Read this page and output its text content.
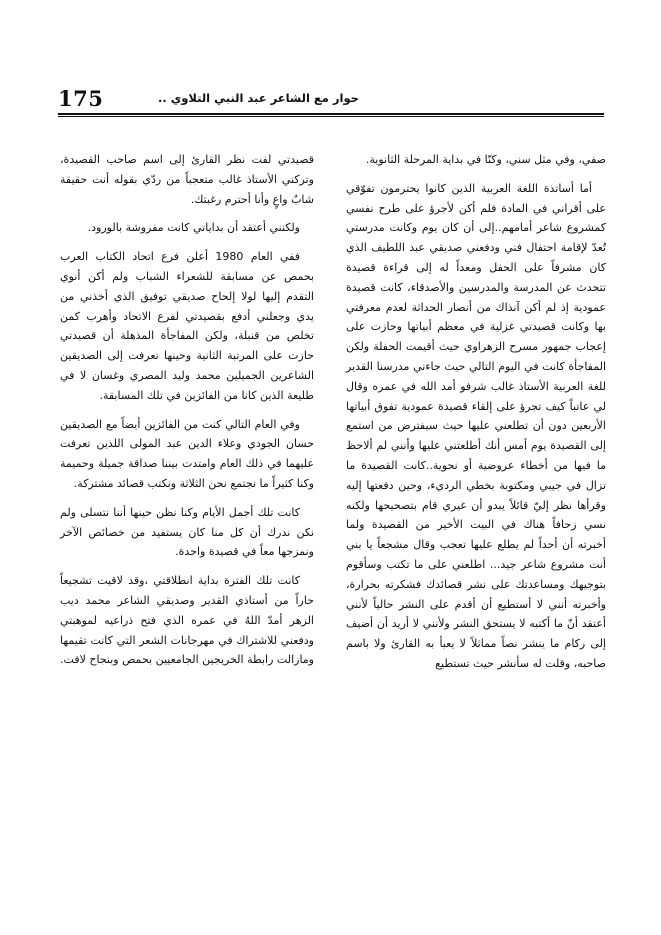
175	حوار مع الشاعر عبد النبي التلاوي ..

صفي، وفي مثل سني، وكنّا في بداية المرحلة الثانوية.

أما أساتذة اللغة العربية الذين كانوا يحترمون تفوّقي على أقراني في المادة فلم أكن لأجرؤ على طرح نفسي كمشروع شاعر أمامهم..إلى أن كان يوم وكانت مدرستي تُعدّ لإقامة احتفال فني ودفعني صديقي عبد اللطيف الذي كان مشرفاً على الحفل ومعداً له إلى قراءة قصيدة تتحدث عن المدرسة والمدرسين والأصدقاء، كانت قصيدة عمودية إذ لم أكن آنذاك من أنصار الحداثة لعدم معرفتي بها وكانت قصيدتي غزلية في معظم أبياتها وحازت على إعجاب جمهور مسرح الزهراوي حيث أقيمت الحفلة ولكن المفاجأة كانت في اليوم التالي حيث جاءني مدرسنا القدير للغة العربية الأستاذ غالب شرفو أمد الله في عمره وقال لي عاتباً كيف تجرؤ على إلقاء قصيدة عمودية تفوق أبياتها الأربعين دون أن تطلعني عليها حيث سيفترض من استمع إلى القصيدة يوم أمس أنك أطلعتني عليها وأنني لم ألاحظ ما فيها من أخطاء عروضية أو نحوية..كانت القصيدة ما تزال في جيبي ومكتوبة بخطي الرديء، وحين دفعتها إليه وقرأها نظر إليّ قائلاً يبدو أن غيري قام بتصحيحها ولكنه نسي زحافاً هناك في البيت الأخير من القصيدة ولما أخبرته أن أحداً لم يطلع عليها تعجب وقال مشجعاً يا بني أنت مشروع شاعر جيد... اطلعني على ما تكتب وسأقوم بتوجيهك ومساعدتك على نشر قصائدك فشكرته بحرارة، وأخبرته أنني لا أستطيع أن أقدم على النشر حالياً لأنني أعتقد أنّ ما أكتبه لا يستحق النشر ولأنني لا أريد أن أضيف إلى ركام ما ينشر نصاً مماثلاً لا يعبأ به القارئ ولا باسم صاحبه، وقلت له سأنشر حيث تستطيع

قصيدتي لفت نظر القارئ إلى اسم صاحب القصيدة، وتركني الأستاذ غالب متعجباً من ردّي بقوله أنت حقيقة شابٌ واعٍ وأنا أحترم رغبتك.

ولكنني أعتقد أن بداياتي كانت مفروشة بالورود.

ففي العام 1980 أعلن فرع اتحاد الكتاب العرب بحمص عن مسابقة للشعراء الشباب ولم أكن أنوي التقدم إليها لولا إلحاح صديقي توفيق الذي أخذني من يدي وجعلني أدفع بقصيدتي لفرع الاتحاد وأهرب كمن تخلص من قنبلة، ولكن المفاجأة المذهلة أن قصيدتي حازت على المرتبة الثانية وحينها تعرفت إلى الصديقين الشاعرين الجميلين محمد وليد المصري وغسان لا في طليعة الذين كانا من الفائزين في تلك المسابقة.

وفي العام التالي كنت من الفائزين أيضاً مع الصديقين حسان الجودي وعلاء الدين عبد المولى اللذين تعرفت عليهما في ذلك العام وامتدت بيننا صداقة جميلة وحميمة وكنا كثيراً ما نجتمع نحن الثلاثة ونكتب قصائد مشتركة.

كانت تلك أجمل الأيام وكنا نظن حينها أننا نتسلى ولم نكن ندرك أن كل منا كان يستفيد من خصائص الآخر ونمزجها معاً في قصيدة واحدة.

كانت تلك الفترة بداية انطلاقتي ،وقد لاقيت تشجيعاً حاراً من أستاذي القدير وصديقي الشاعر محمد ديب الزهر أمدّ اللهُ في عمره الذي فتح ذراعيه لموهبتي ودفعني للاشتراك في مهرجانات الشعر التي كانت تقيمها ومازالت رابطة الخريجين الجامعيين بحمص وبنجاح لافت.
